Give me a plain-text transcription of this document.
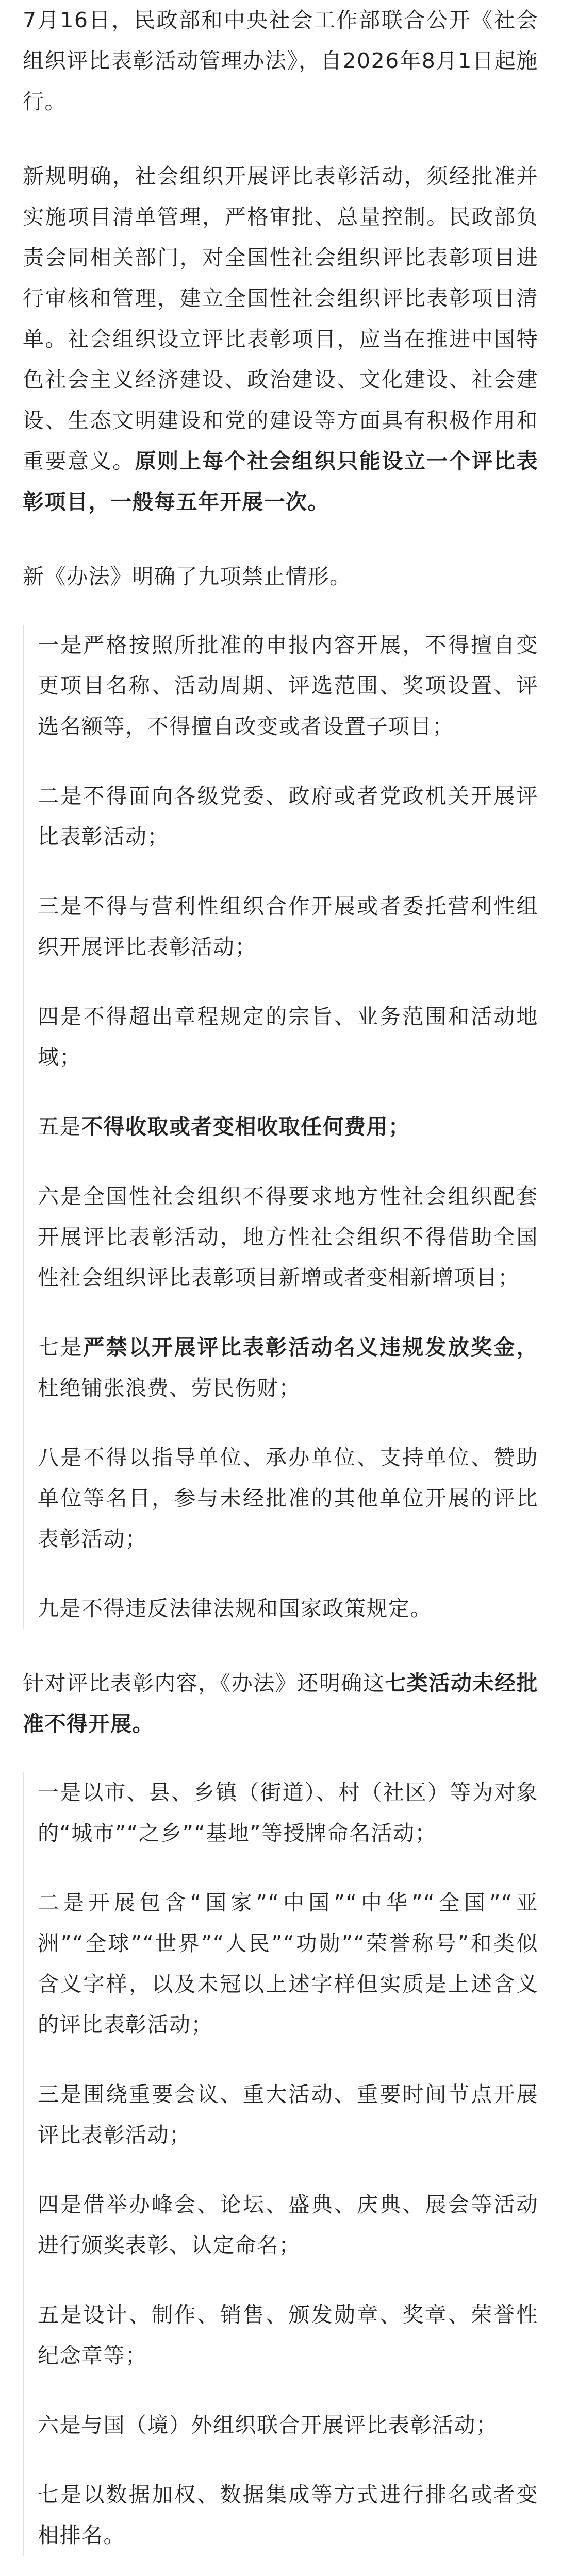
7月16日，民政部和中央社会工作部联合公开《社会组织评比表彰活动管理办法》，自2026年8月1日起施行。

新规明确，社会组织开展评比表彰活动，须经批准并实施项目清单管理，严格审批、总量控制。民政部负责会同相关部门，对全国性社会组织评比表彰项目进行审核和管理，建立全国性社会组织评比表彰项目清单。社会组织设立评比表彰项目，应当在推进中国特色社会主义经济建设、政治建设、文化建设、社会建设、生态文明建设和党的建设等方面具有积极作用和重要意义。原则上每个社会组织只能设立一个评比表彰项目，一般每五年开展一次。

新《办法》明确了九项禁止情形。

一是严格按照所批准的申报内容开展，不得擅自变更项目名称、活动周期、评选范围、奖项设置、评选名额等，不得擅自改变或者设置子项目；

二是不得面向各级党委、政府或者党政机关开展评比表彰活动；

三是不得与营利性组织合作开展或者委托营利性组织开展评比表彰活动；

四是不得超出章程规定的宗旨、业务范围和活动地域；

五是不得收取或者变相收取任何费用；

六是全国性社会组织不得要求地方性社会组织配套开展评比表彰活动，地方性社会组织不得借助全国性社会组织评比表彰项目新增或者变相新增项目；

七是严禁以开展评比表彰活动名义违规发放奖金，杜绝铺张浪费、劳民伤财；

八是不得以指导单位、承办单位、支持单位、赞助单位等名目，参与未经批准的其他单位开展的评比表彰活动；

九是不得违反法律法规和国家政策规定。

针对评比表彰内容，《办法》还明确这七类活动未经批准不得开展。

一是以市、县、乡镇（街道）、村（社区）等为对象的“城市”“之乡”“基地”等授牌命名活动；

二是开展包含“国家”“中国”“中华”“全国”“亚洲”“全球”“世界”“人民”“功勋”“荣誉称号”和类似含义字样，以及未冠以上述字样但实质是上述含义的评比表彰活动；

三是围绕重要会议、重大活动、重要时间节点开展评比表彰活动；

四是借举办峰会、论坛、盛典、庆典、展会等活动进行颁奖表彰、认定命名；

五是设计、制作、销售、颁发勋章、奖章、荣誉性纪念章等；

六是与国（境）外组织联合开展评比表彰活动；

七是以数据加权、数据集成等方式进行排名或者变相排名。
